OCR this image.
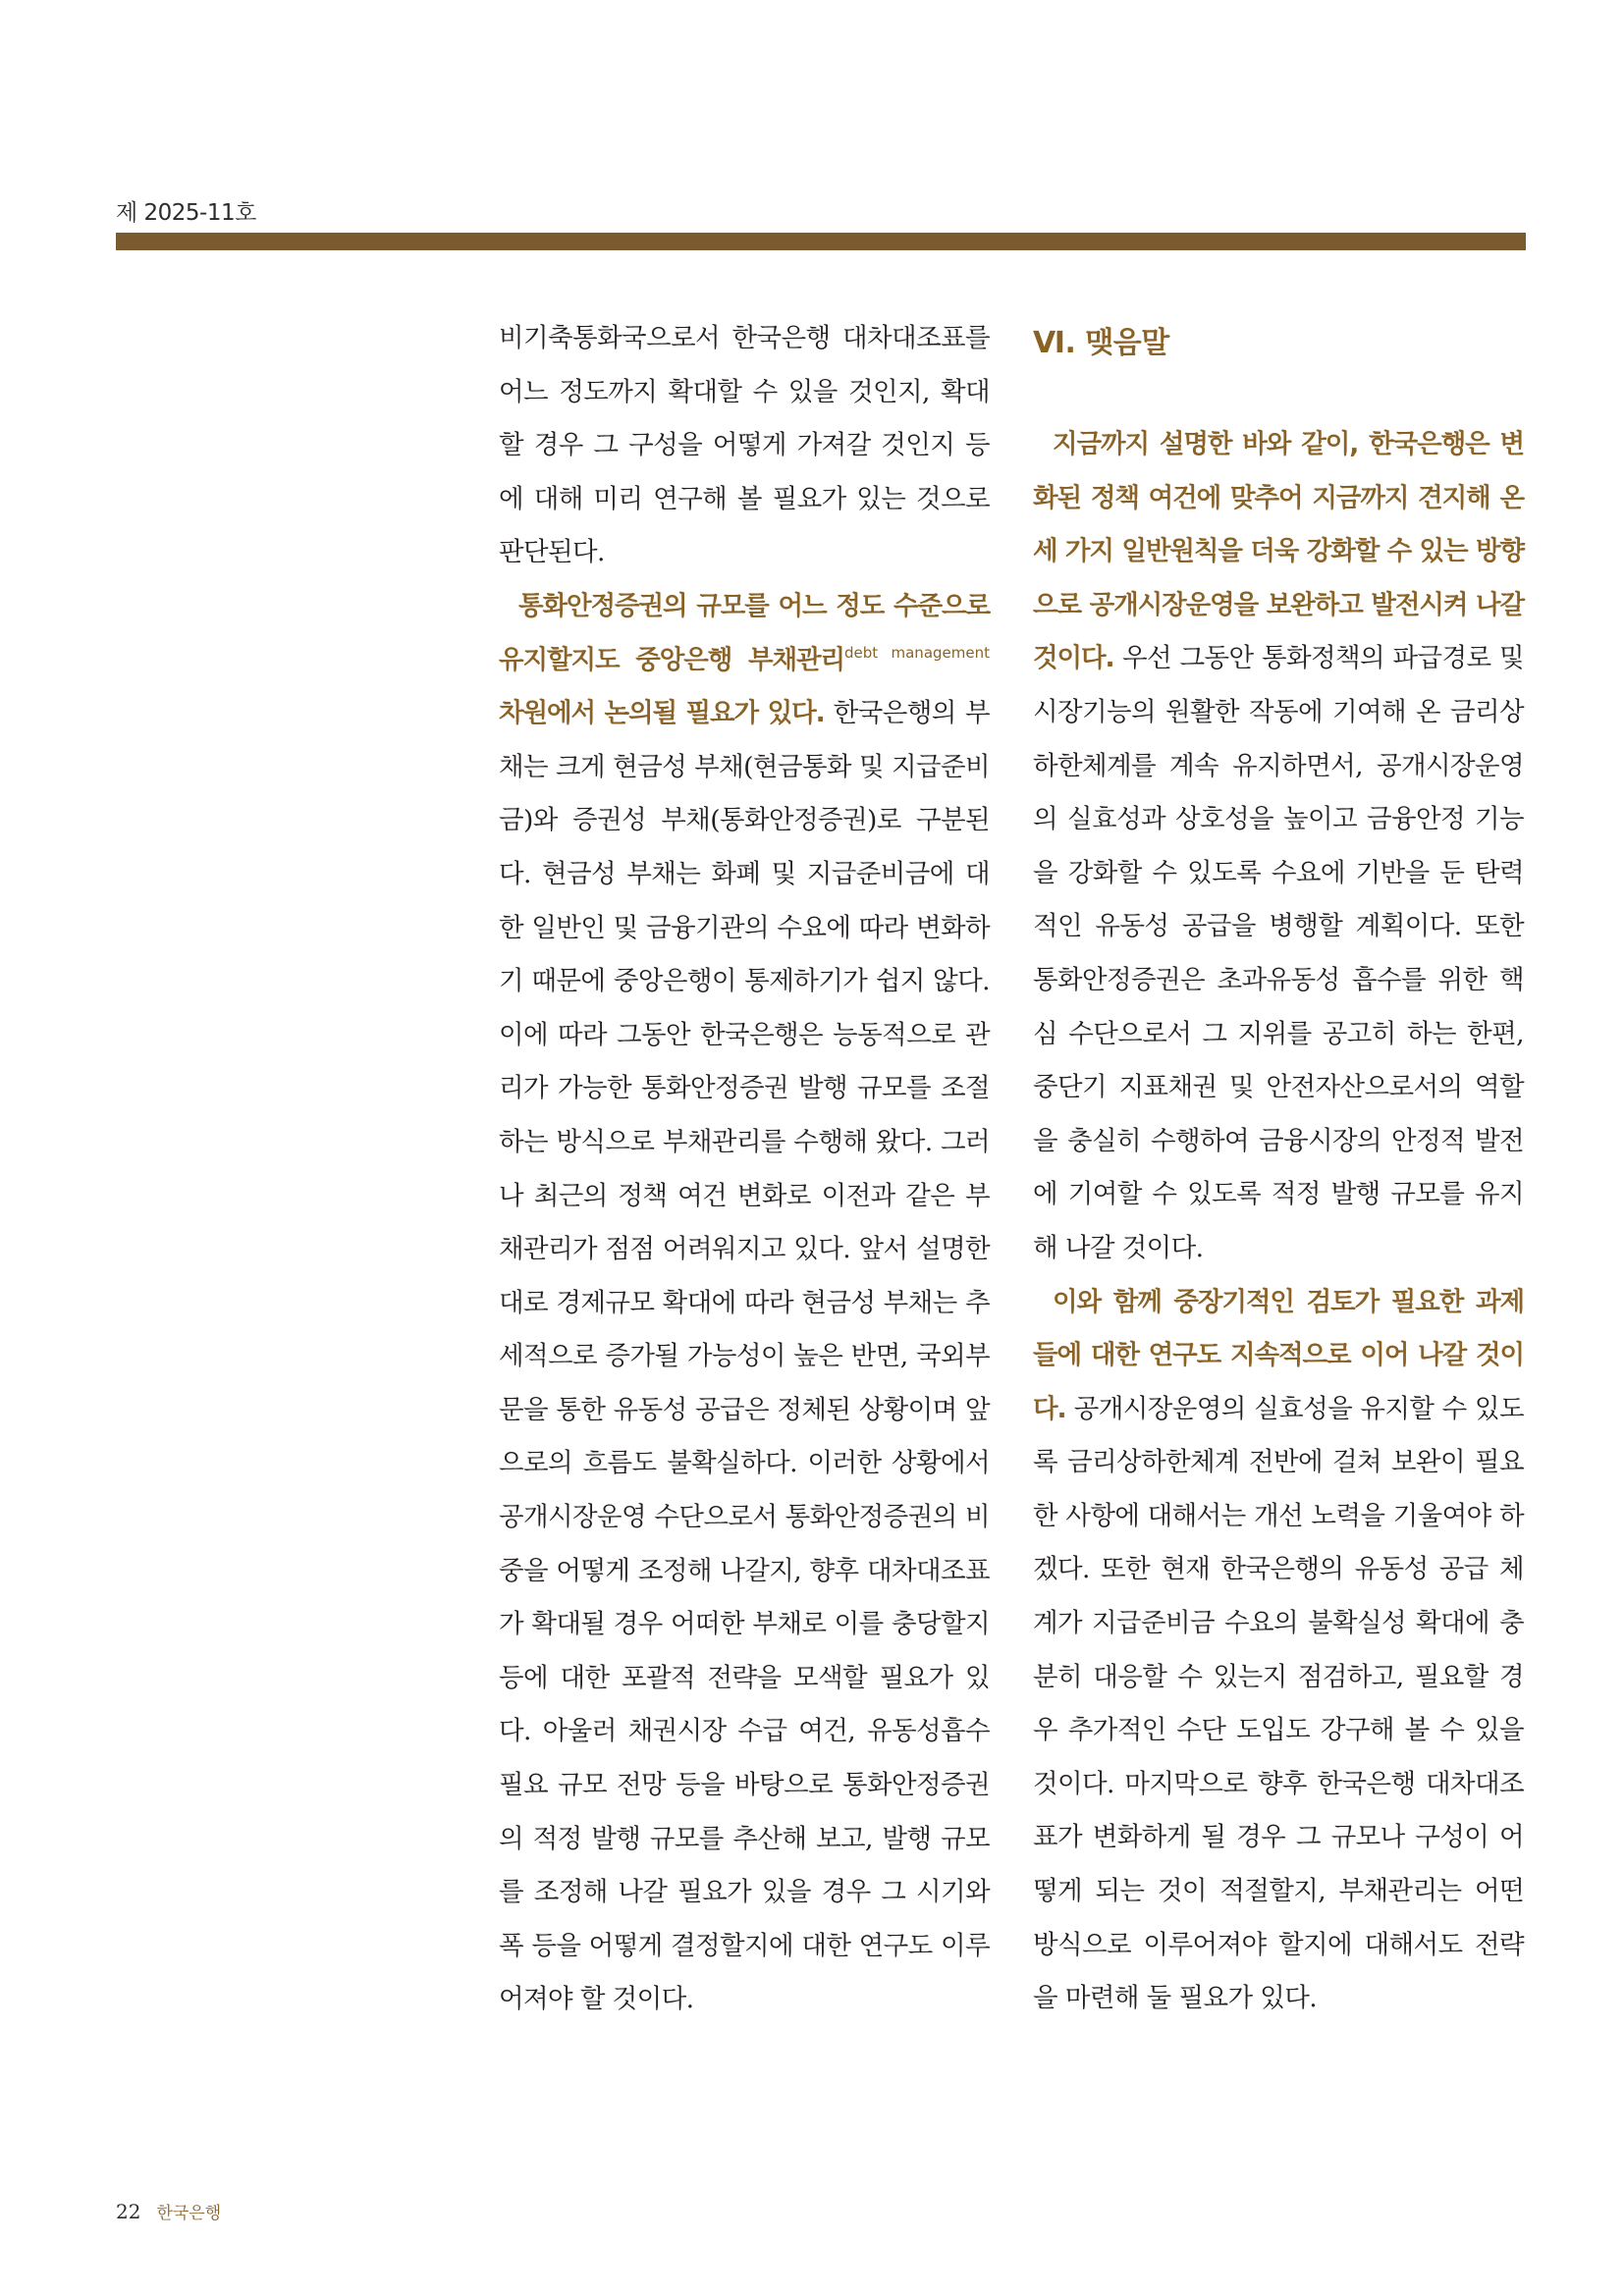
제 2025-11호

비기축통화국으로서 한국은행 대차대조표를 어느 정도까지 확대할 수 있을 것인지, 확대할 경우 그 구성을 어떻게 가져갈 것인지 등에 대해 미리 연구해 볼 필요가 있는 것으로 판단된다.

통화안정증권의 규모를 어느 정도 수준으로 유지할지도 중앙은행 부채관리$^{debt management}$ 차원에서 논의될 필요가 있다. 한국은행의 부채는 크게 현금성 부채(현금통화 및 지급준비금)와 증권성 부채(통화안정증권)로 구분된다. 현금성 부채는 화폐 및 지급준비금에 대한 일반인 및 금융기관의 수요에 따라 변화하기 때문에 중앙은행이 통제하기가 쉽지 않다. 이에 따라 그동안 한국은행은 능동적으로 관리가 가능한 통화안정증권 발행 규모를 조절하는 방식으로 부채관리를 수행해 왔다. 그러나 최근의 정책 여건 변화로 이전과 같은 부채관리가 점점 어려워지고 있다. 앞서 설명한 대로 경제규모 확대에 따라 현금성 부채는 추세적으로 증가될 가능성이 높은 반면, 국외부문을 통한 유동성 공급은 정체된 상황이며 앞으로의 흐름도 불확실하다. 이러한 상황에서 공개시장운영 수단으로서 통화안정증권의 비중을 어떻게 조정해 나갈지, 향후 대차대조표가 확대될 경우 어떠한 부채로 이를 충당할지 등에 대한 포괄적 전략을 모색할 필요가 있다. 아울러 채권시장 수급 여건, 유동성흡수 필요 규모 전망 등을 바탕으로 통화안정증권의 적정 발행 규모를 추산해 보고, 발행 규모를 조정해 나갈 필요가 있을 경우 그 시기와 폭 등을 어떻게 결정할지에 대한 연구도 이루어져야 할 것이다.

Ⅵ. 맺음말

지금까지 설명한 바와 같이, 한국은행은 변화된 정책 여건에 맞추어 지금까지 견지해 온 세 가지 일반원칙을 더욱 강화할 수 있는 방향으로 공개시장운영을 보완하고 발전시켜 나갈 것이다. 우선 그동안 통화정책의 파급경로 및 시장기능의 원활한 작동에 기여해 온 금리상하한체계를 계속 유지하면서, 공개시장운영의 실효성과 상호성을 높이고 금융안정 기능을 강화할 수 있도록 수요에 기반을 둔 탄력적인 유동성 공급을 병행할 계획이다. 또한 통화안정증권은 초과유동성 흡수를 위한 핵심 수단으로서 그 지위를 공고히 하는 한편, 중단기 지표채권 및 안전자산으로서의 역할을 충실히 수행하여 금융시장의 안정적 발전에 기여할 수 있도록 적정 발행 규모를 유지해 나갈 것이다.

이와 함께 중장기적인 검토가 필요한 과제들에 대한 연구도 지속적으로 이어 나갈 것이다. 공개시장운영의 실효성을 유지할 수 있도록 금리상하한체계 전반에 걸쳐 보완이 필요한 사항에 대해서는 개선 노력을 기울여야 하겠다. 또한 현재 한국은행의 유동성 공급 체계가 지급준비금 수요의 불확실성 확대에 충분히 대응할 수 있는지 점검하고, 필요할 경우 추가적인 수단 도입도 강구해 볼 수 있을 것이다. 마지막으로 향후 한국은행 대차대조표가 변화하게 될 경우 그 규모나 구성이 어떻게 되는 것이 적절할지, 부채관리는 어떤 방식으로 이루어져야 할지에 대해서도 전략을 마련해 둘 필요가 있다.

22 한국은행
